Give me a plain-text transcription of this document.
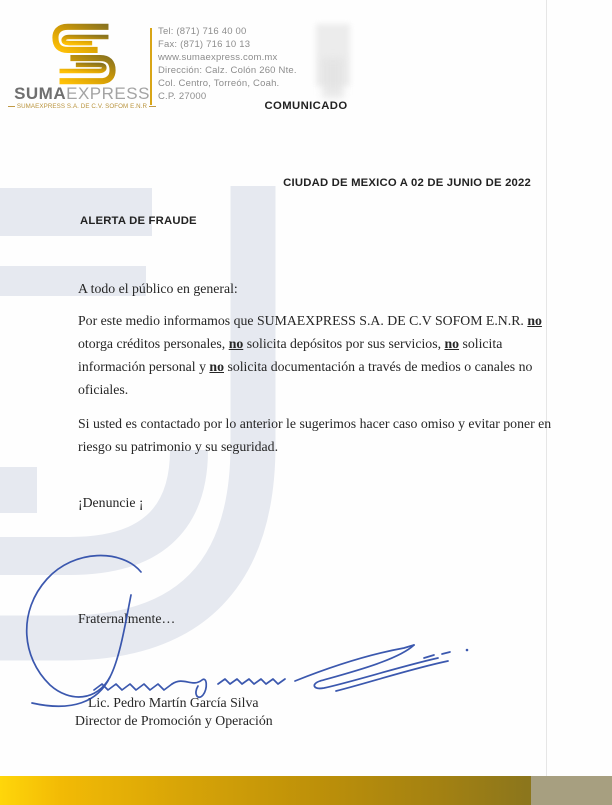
SUMAEXPRESS
SUMAEXPRESS S.A. DE C.V. SOFOM E.N.R
Tel: (871) 716 40 00
Fax: (871) 716 10 13
www.sumaexpress.com.mx
Dirección: Calz. Colón 260 Nte.
Col. Centro, Torreón, Coah.
C.P. 27000
COMUNICADO
CIUDAD DE MEXICO A 02 DE JUNIO DE 2022
ALERTA DE FRAUDE
A todo el público en general:
Por este medio informamos que SUMAEXPRESS S.A. DE C.V SOFOM E.N.R. no otorga créditos personales, no solicita depósitos por sus servicios, no solicita información personal y no solicita documentación a través de medios o canales no oficiales.
Si usted es contactado por lo anterior le sugerimos hacer caso omiso y evitar poner en riesgo su patrimonio y su seguridad.
¡Denuncie ¡
Fraternalmente…
Lic. Pedro Martín García Silva
Director de Promoción y Operación
